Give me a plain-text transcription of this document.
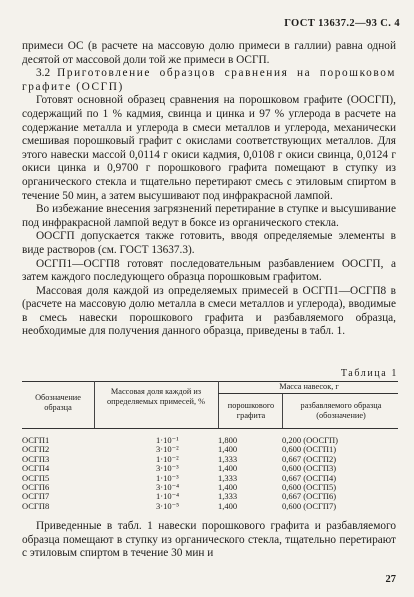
ГОСТ 13637.2—93 С. 4

примеси ОС (в расчете на массовую долю примеси в галлии) равна одной десятой от массовой доли той же примеси в ОСГП.

3.2 Приготовление образцов сравнения на порошковом графите (ОСГП)

Готовят основной образец сравнения на порошковом графите (ООСГП), содержащий по 1 % кадмия, свинца и цинка и 97 % углерода в расчете на содержание металла и углерода в смеси металлов и углерода, механически смешивая порошковый графит с окислами соответствующих металлов. Для этого навески массой 0,0114 г окиси кадмия, 0,0108 г окиси свинца, 0,0124 г окиси цинка и 0,9700 г порошкового графита помещают в ступку из органического стекла и тщательно перетирают смесь с этиловым спиртом в течение 50 мин, а затем высушивают под инфракрасной лампой.

Во избежание внесения загрязнений перетирание в ступке и высушивание под инфракрасной лампой ведут в боксе из органического стекла.

ООСГП допускается также готовить, вводя определяемые элементы в виде растворов (см. ГОСТ 13637.3).

ОСГП1—ОСГП8 готовят последовательным разбавлением ООСГП, а затем каждого последующего образца порошковым графитом.

Массовая доля каждой из определяемых примесей в ОСГП1—ОСГП8 в (расчете на массовую долю металла в смеси металлов и углерода), вводимые в смесь навески порошкового графита и разбавляемого образца, необходимые для получения данного образца, приведены в табл. 1.

Таблица 1
Обозначение образца
Массовая доля каждой из определяемых примесей, %
Масса навесок, г
порошкового графита
разбавляемого образца (обозначение)
ОСГП1	1·10⁻¹	1,800	0,200 (ООСГП)
ОСГП2	3·10⁻²	1,400	0,600 (ОСГП1)
ОСГП3	1·10⁻²	1,333	0,667 (ОСГП2)
ОСГП4	3·10⁻³	1,400	0,600 (ОСГП3)
ОСГП5	1·10⁻³	1,333	0,667 (ОСГП4)
ОСГП6	3·10⁻⁴	1,400	0,600 (ОСГП5)
ОСГП7	1·10⁻⁴	1,333	0,667 (ОСГП6)
ОСГП8	3·10⁻⁵	1,400	0,600 (ОСГП7)

Приведенные в табл. 1 навески порошкового графита и разбавляемого образца помещают в ступку из органического стекла, тщательно перетирают с этиловым спиртом в течение 30 мин и

27
